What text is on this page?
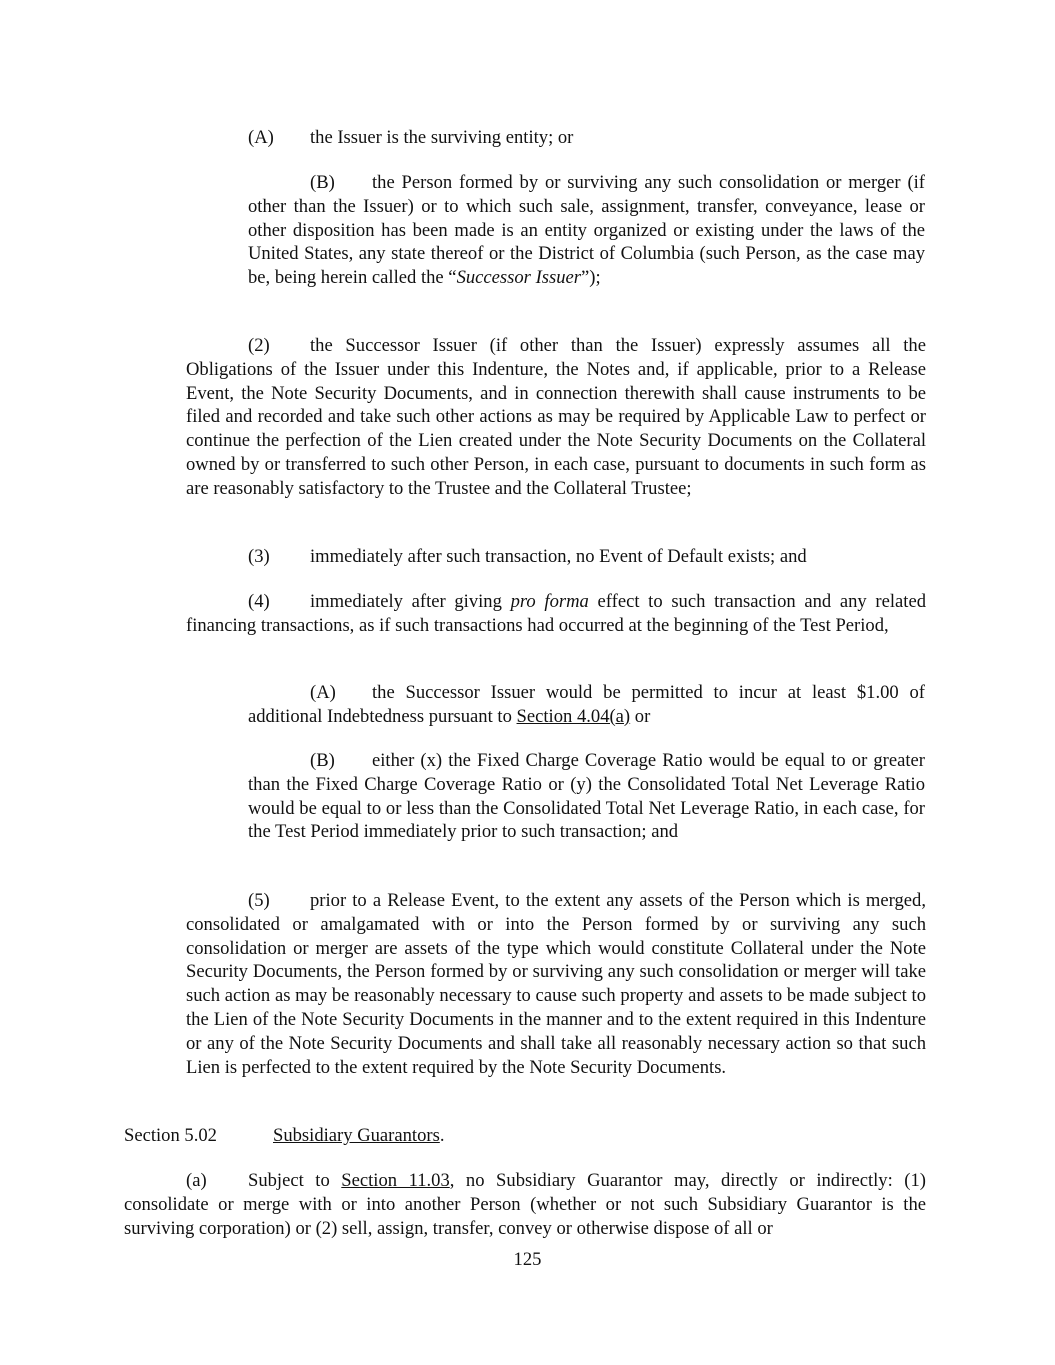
(A) the Issuer is the surviving entity; or

(B) the Person formed by or surviving any such consolidation or merger (if other than the Issuer) or to which such sale, assignment, transfer, conveyance, lease or other disposition has been made is an entity organized or existing under the laws of the United States, any state thereof or the District of Columbia (such Person, as the case may be, being herein called the “Successor Issuer”);

(2) the Successor Issuer (if other than the Issuer) expressly assumes all the Obligations of the Issuer under this Indenture, the Notes and, if applicable, prior to a Release Event, the Note Security Documents, and in connection therewith shall cause instruments to be filed and recorded and take such other actions as may be required by Applicable Law to perfect or continue the perfection of the Lien created under the Note Security Documents on the Collateral owned by or transferred to such other Person, in each case, pursuant to documents in such form as are reasonably satisfactory to the Trustee and the Collateral Trustee;

(3) immediately after such transaction, no Event of Default exists; and

(4) immediately after giving pro forma effect to such transaction and any related financing transactions, as if such transactions had occurred at the beginning of the Test Period,

(A) the Successor Issuer would be permitted to incur at least $1.00 of additional Indebtedness pursuant to Section 4.04(a) or

(B) either (x) the Fixed Charge Coverage Ratio would be equal to or greater than the Fixed Charge Coverage Ratio or (y) the Consolidated Total Net Leverage Ratio would be equal to or less than the Consolidated Total Net Leverage Ratio, in each case, for the Test Period immediately prior to such transaction; and

(5) prior to a Release Event, to the extent any assets of the Person which is merged, consolidated or amalgamated with or into the Person formed by or surviving any such consolidation or merger are assets of the type which would constitute Collateral under the Note Security Documents, the Person formed by or surviving any such consolidation or merger will take such action as may be reasonably necessary to cause such property and assets to be made subject to the Lien of the Note Security Documents in the manner and to the extent required in this Indenture or any of the Note Security Documents and shall take all reasonably necessary action so that such Lien is perfected to the extent required by the Note Security Documents.

Section 5.02	Subsidiary Guarantors.

(a) Subject to Section 11.03, no Subsidiary Guarantor may, directly or indirectly: (1) consolidate or merge with or into another Person (whether or not such Subsidiary Guarantor is the surviving corporation) or (2) sell, assign, transfer, convey or otherwise dispose of all or

125
